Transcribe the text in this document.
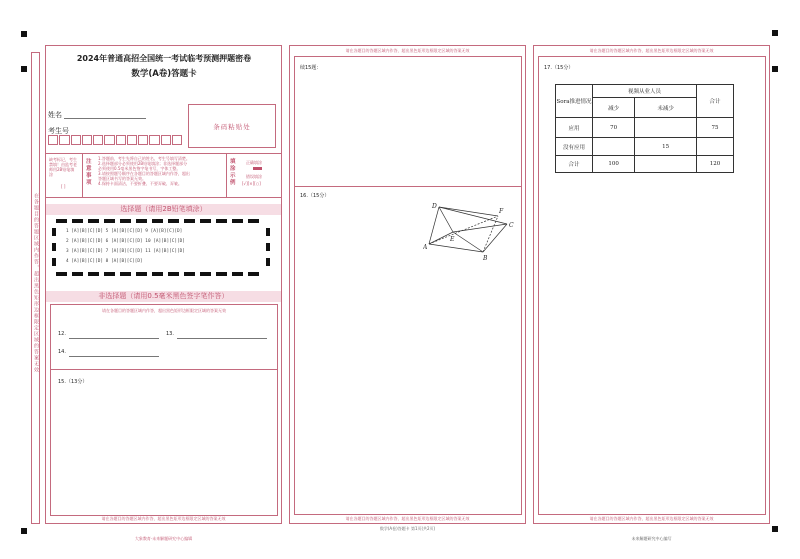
在各题目的答题区域内作答，超出黑色矩形边框限定区域的答案无效
2024年普通高招全国统一考试临考预测押题密卷
数学(A卷)答题卡
姓名
考生号	条码粘贴处
缺考标记，考生禁填！由监考老师用2B铅笔填涂
[ ]
注意事项
1.答题前，考生先将自己的姓名、考生号填写清楚。
2.选择题部分必须使用2B铅笔填涂；非选择题部分
必须使用0.5毫米黑色签字笔书写，字体工整。
3.请按照题号顺序在各题目的答题区域内作答，超出
答题区域书写的答案无效。
4.保持卡面清洁，不要折叠、不要弄破、弄皱。
填涂示例
正确填涂
错误填涂
[√][×][○]
选择题（请用2B铅笔填涂）
1 [A][B][C][D] 5 [A][B][C][D] 9 [A][B][C][D]
2 [A][B][C][D] 6 [A][B][C][D] 10 [A][B][C][D]
3 [A][B][C][D] 7 [A][B][C][D] 11 [A][B][C][D]
4 [A][B][C][D] 8 [A][B][C][D]
非选择题（请用0.5毫米黑色签字笔作答）
请在各题目的答题区域内作答，超出黑色矩形边框限定区域的答案无效
12.	13.
14.
15.（13分）
请在各题目的答题区域内作答，超出黑色矩形边框限定区域的答案无效
大象教育·未来解题研究中心编辑
请在各题目的答题区域内作答，超出黑色矩形边框限定区域的答案无效
续15题：
16.（15分）
D
A
E
B
C
F
请在各题目的答题区域内作答，超出黑色矩形边框限定区域的答案无效
数学(A卷)答题卡 第1页(共2页)
请在各题目的答题区域内作答，超出黑色矩形边框限定区域的答案无效
17.（15分）
Sora推进情况	视频从业人员		合计
	减少	未减少	
应用	70		75
没有应用		15	
合计	100		120
请在各题目的答题区域内作答，超出黑色矩形边框限定区域的答案无效
未来解题研究中心编写
